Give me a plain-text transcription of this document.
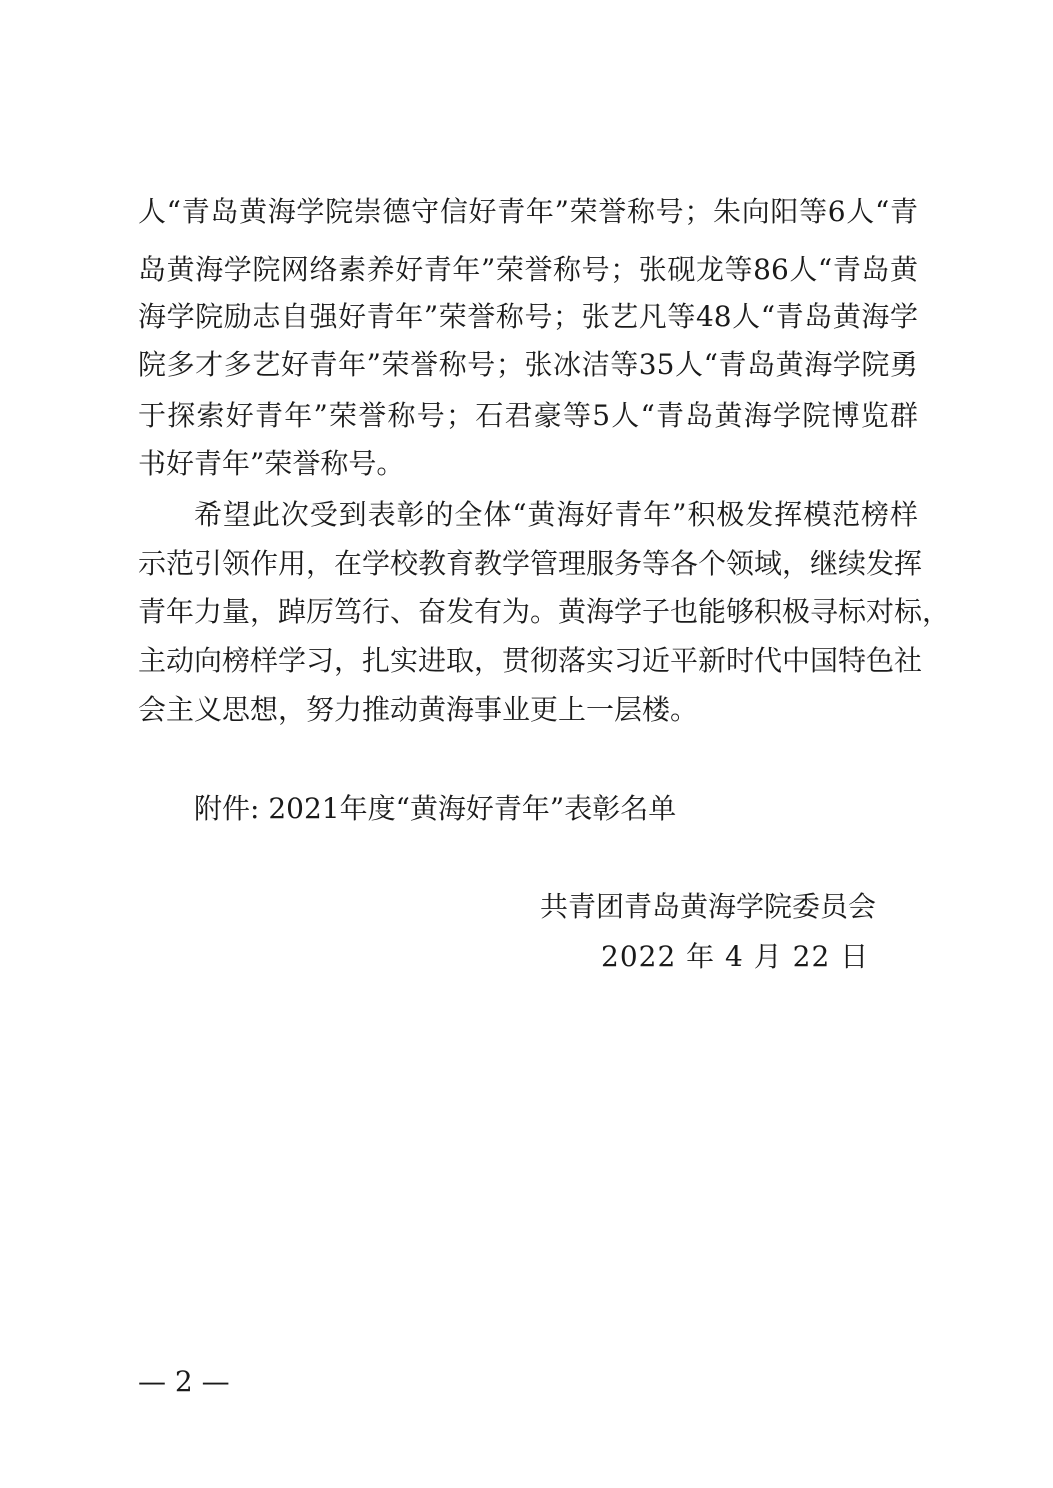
人“青岛黄海学院崇德守信好青年”荣誉称号；朱向阳等6人“青
岛黄海学院网络素养好青年”荣誉称号；张砚龙等86人“青岛黄
海学院励志自强好青年”荣誉称号；张艺凡等48人“青岛黄海学
院多才多艺好青年”荣誉称号；张冰洁等35人“青岛黄海学院勇
于探索好青年”荣誉称号；石君豪等5人“青岛黄海学院博览群
书好青年”荣誉称号。
希望此次受到表彰的全体“黄海好青年”积极发挥模范榜样
示范引领作用，在学校教育教学管理服务等各个领域，继续发挥
青年力量，踔厉笃行、奋发有为。黄海学子也能够积极寻标对标，
主动向榜样学习，扎实进取，贯彻落实习近平新时代中国特色社
会主义思想，努力推动黄海事业更上一层楼。
附件: 2021年度“黄海好青年”表彰名单
共青团青岛黄海学院委员会
2022 年 4 月 22 日
— 2 —
